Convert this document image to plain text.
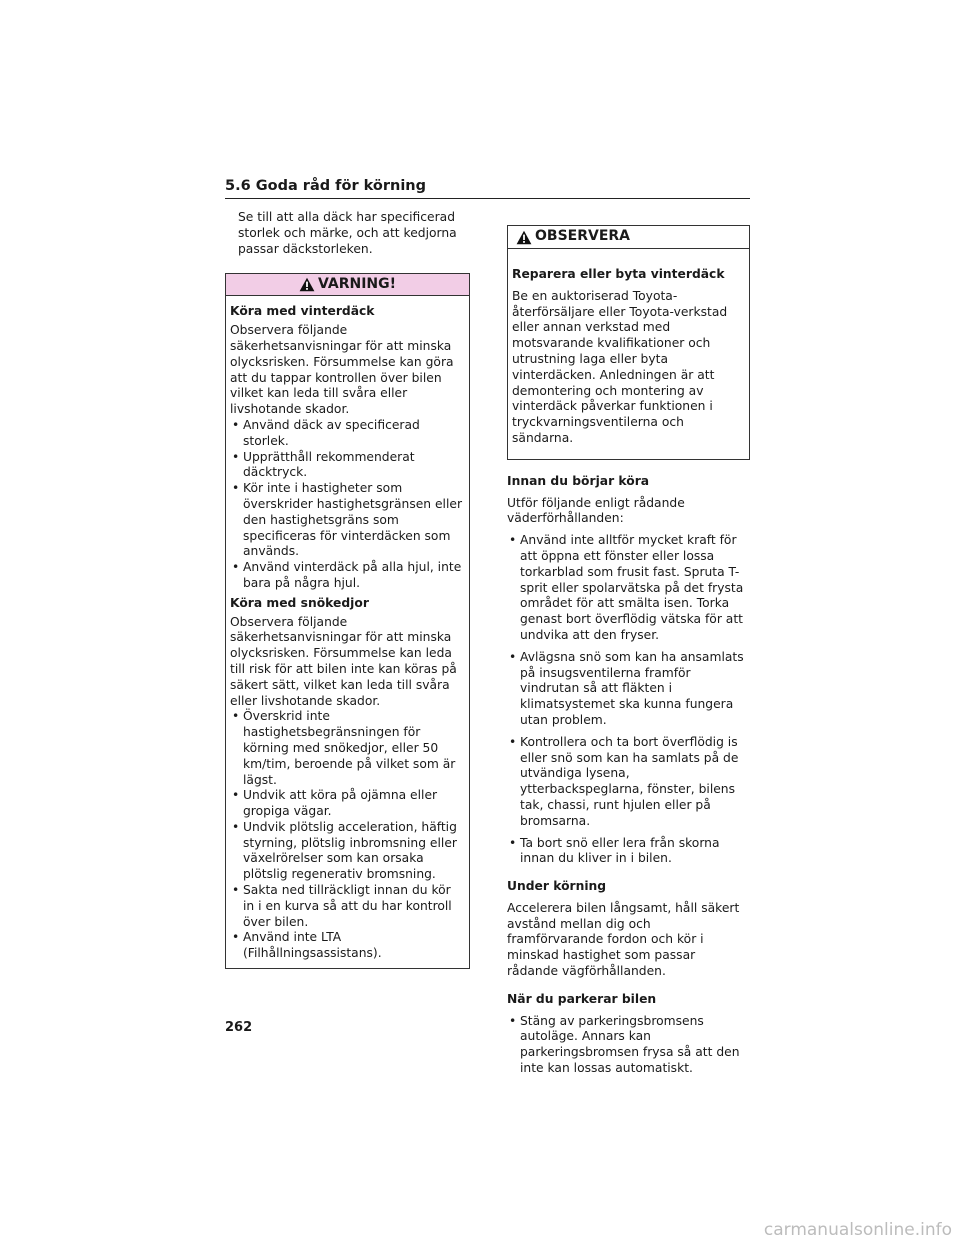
5.6 Goda råd för körning
Se till att alla däck har specificerad storlek och märke, och att kedjorna passar däckstorleken.
VARNING!
Köra med vinterdäck
Observera följande säkerhetsanvisningar för att minska olycksrisken. Försummelse kan göra att du tappar kontrollen över bilen vilket kan leda till svåra eller livshotande skador.
• Använd däck av specificerad storlek.
• Upprätthåll rekommenderat däcktryck.
• Kör inte i hastigheter som överskrider hastighetsgränsen eller den hastighetsgräns som specificeras för vinterdäcken som används.
• Använd vinterdäck på alla hjul, inte bara på några hjul.
Köra med snökedjor
Observera följande säkerhetsanvisningar för att minska olycksrisken. Försummelse kan leda till risk för att bilen inte kan köras på säkert sätt, vilket kan leda till svåra eller livshotande skador.
• Överskrid inte hastighetsbegränsningen för körning med snökedjor, eller 50 km/tim, beroende på vilket som är lägst.
• Undvik att köra på ojämna eller gropiga vägar.
• Undvik plötslig acceleration, häftig styrning, plötslig inbromsning eller växelrörelser som kan orsaka plötslig regenerativ bromsning.
• Sakta ned tillräckligt innan du kör in i en kurva så att du har kontroll över bilen.
• Använd inte LTA (Filhållningsassistans).
OBSERVERA
Reparera eller byta vinterdäck
Be en auktoriserad Toyota-återförsäljare eller Toyota-verkstad eller annan verkstad med motsvarande kvalifikationer och utrustning laga eller byta vinterdäcken. Anledningen är att demontering och montering av vinterdäck påverkar funktionen i tryckvarningsventilerna och sändarna.
Innan du börjar köra
Utför följande enligt rådande väderförhållanden:
• Använd inte alltför mycket kraft för att öppna ett fönster eller lossa torkarblad som frusit fast. Spruta T-sprit eller spolarvätska på det frysta området för att smälta isen. Torka genast bort överflödig vätska för att undvika att den fryser.
• Avlägsna snö som kan ha ansamlats på insugsventilerna framför vindrutan så att fläkten i klimatsystemet ska kunna fungera utan problem.
• Kontrollera och ta bort överflödig is eller snö som kan ha samlats på de utvändiga lysena, ytterbackspeglarna, fönster, bilens tak, chassi, runt hjulen eller på bromsarna.
• Ta bort snö eller lera från skorna innan du kliver in i bilen.
Under körning
Accelerera bilen långsamt, håll säkert avstånd mellan dig och framförvarande fordon och kör i minskad hastighet som passar rådande vägförhållanden.
När du parkerar bilen
• Stäng av parkeringsbromsens autoläge. Annars kan parkeringsbromsen frysa så att den inte kan lossas automatiskt.
262
carmanualsonline.info
